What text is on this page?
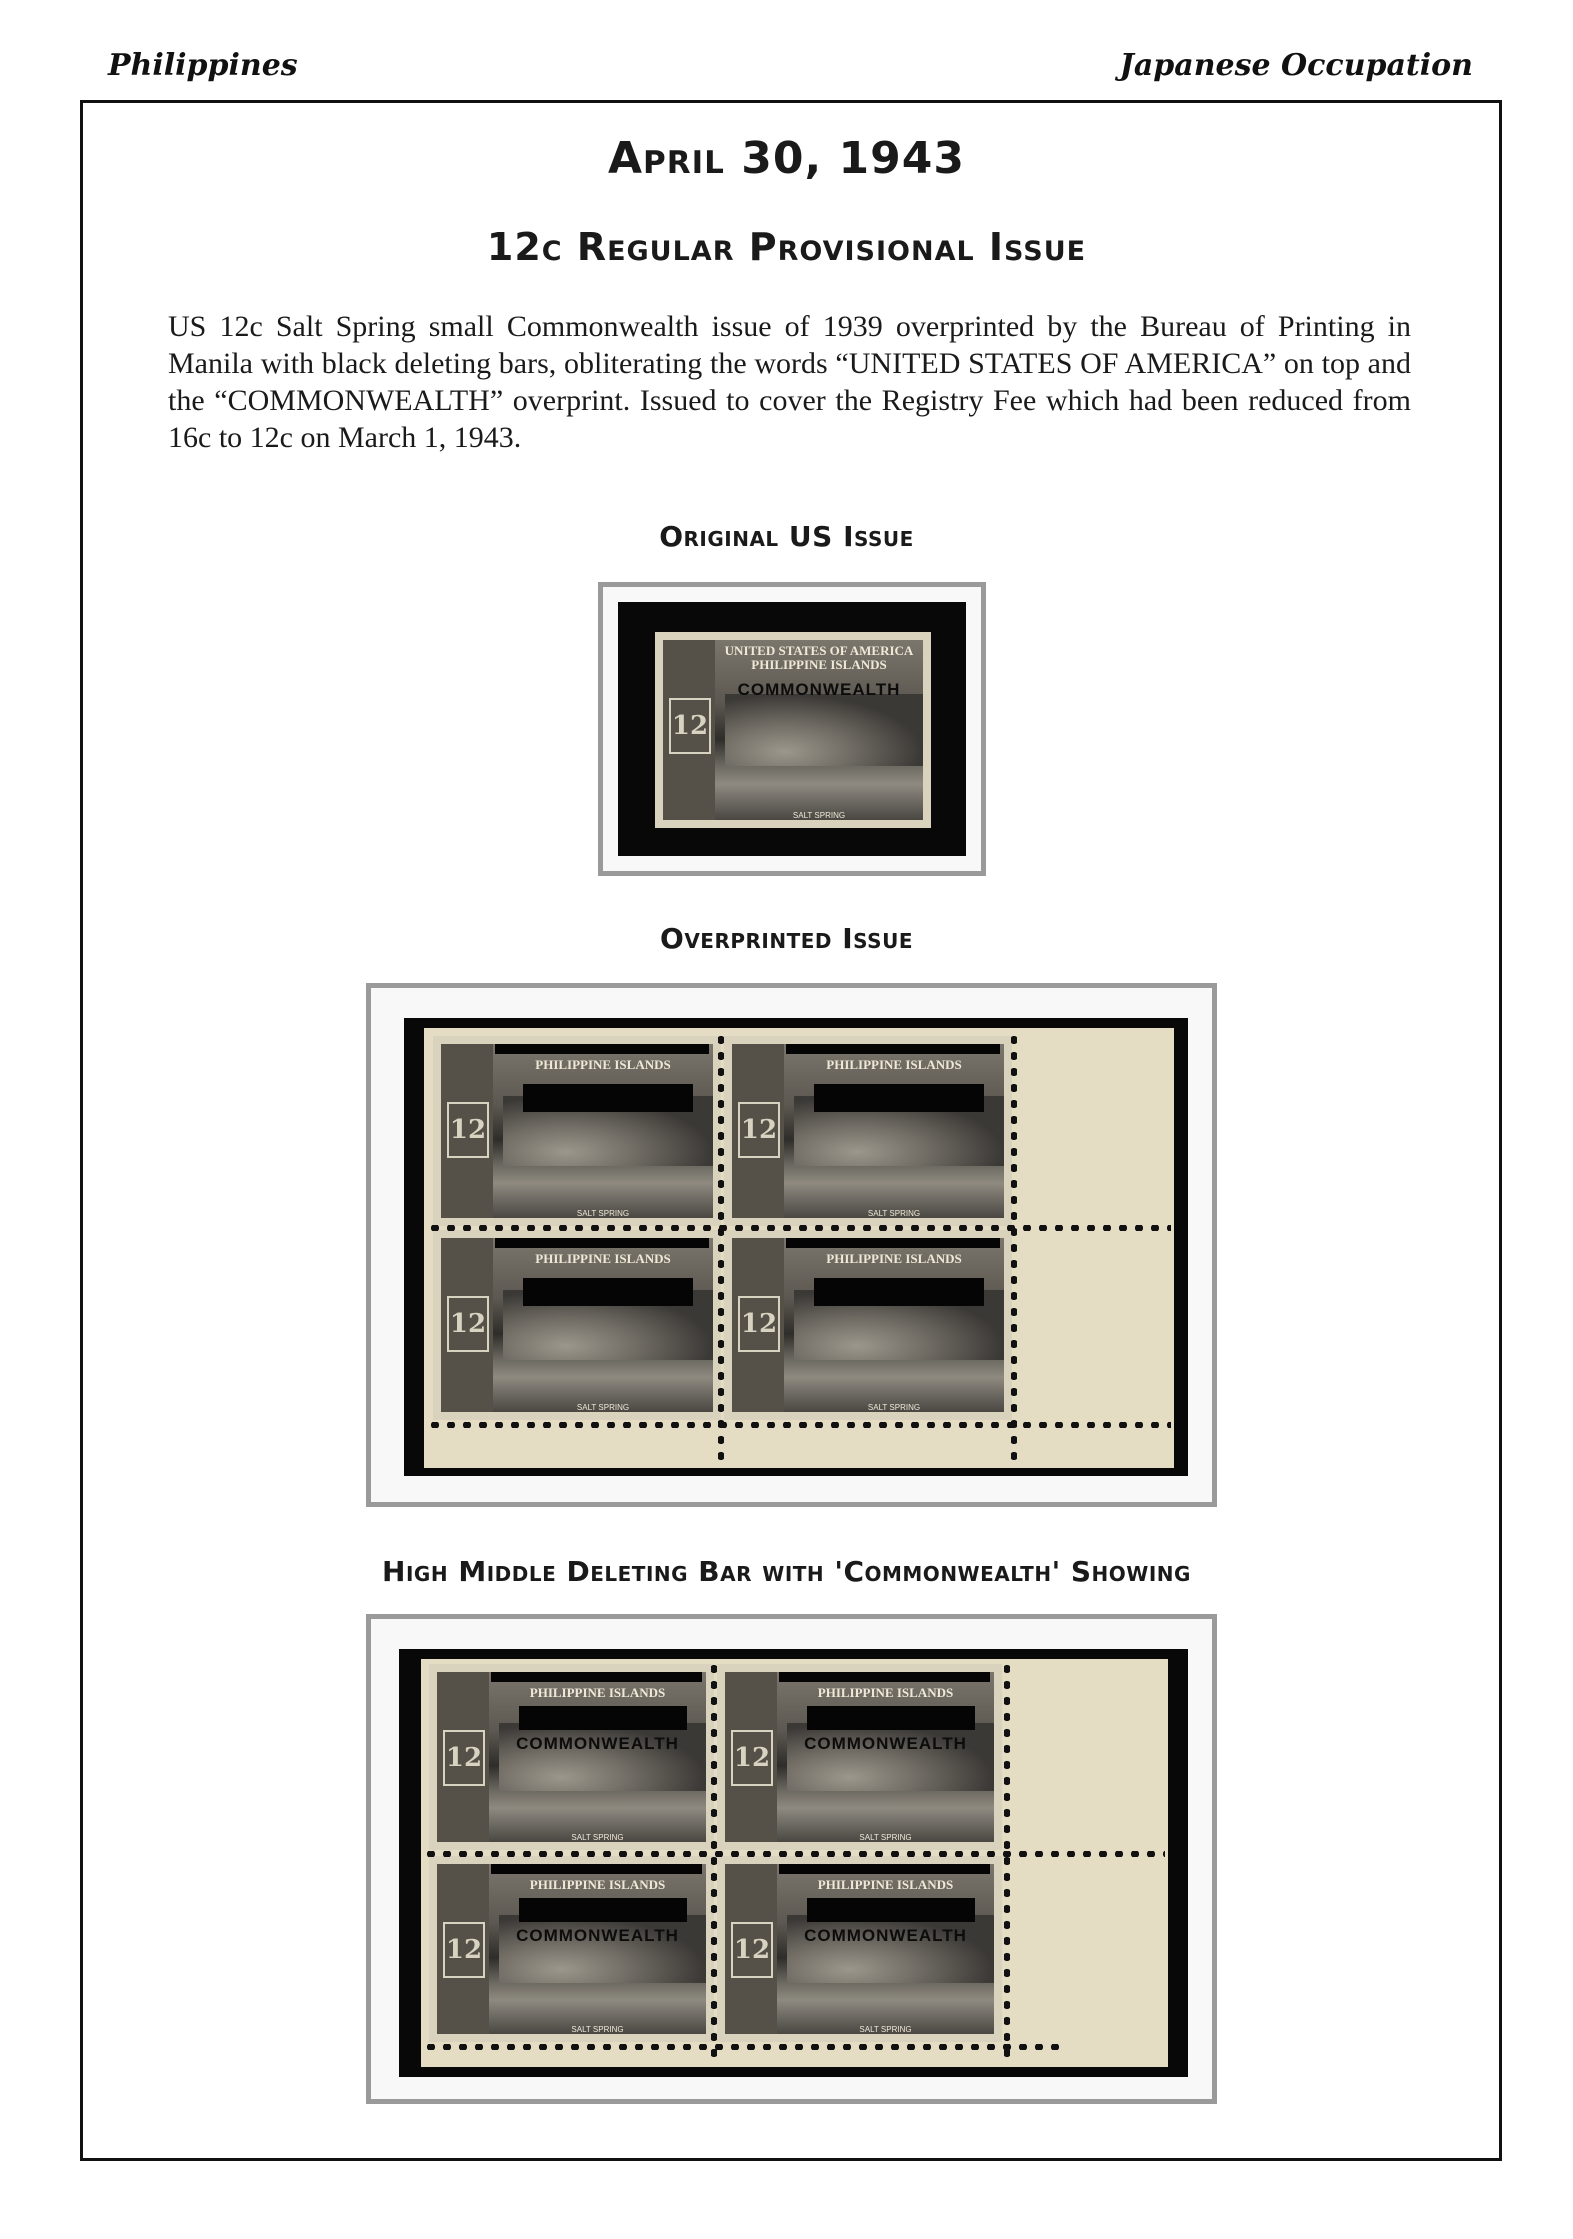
Philippines	Japanese Occupation
April 30, 1943
12c Regular Provisional Issue
US 12c Salt Spring small Commonwealth issue of 1939 overprinted by the Bureau of Printing in Manila with black deleting bars, obliterating the words “UNITED STATES OF AMERICA” on top and the “COMMONWEALTH” overprint. Issued to cover the Registry Fee which had been reduced from 16c to 12c on March 1, 1943.
Original US Issue
12
UNITED STATES OF AMERICA
PHILIPPINE ISLANDS
COMMONWEALTH
SALT SPRING
Overprinted Issue
12
PHILIPPINE ISLANDS
SALT SPRING
12
PHILIPPINE ISLANDS
SALT SPRING
12
PHILIPPINE ISLANDS
SALT SPRING
12
PHILIPPINE ISLANDS
SALT SPRING
High Middle Deleting Bar with 'Commonwealth' Showing
12
PHILIPPINE ISLANDS
COMMONWEALTH
SALT SPRING
12
PHILIPPINE ISLANDS
COMMONWEALTH
SALT SPRING
12
PHILIPPINE ISLANDS
COMMONWEALTH
SALT SPRING
12
PHILIPPINE ISLANDS
COMMONWEALTH
SALT SPRING
